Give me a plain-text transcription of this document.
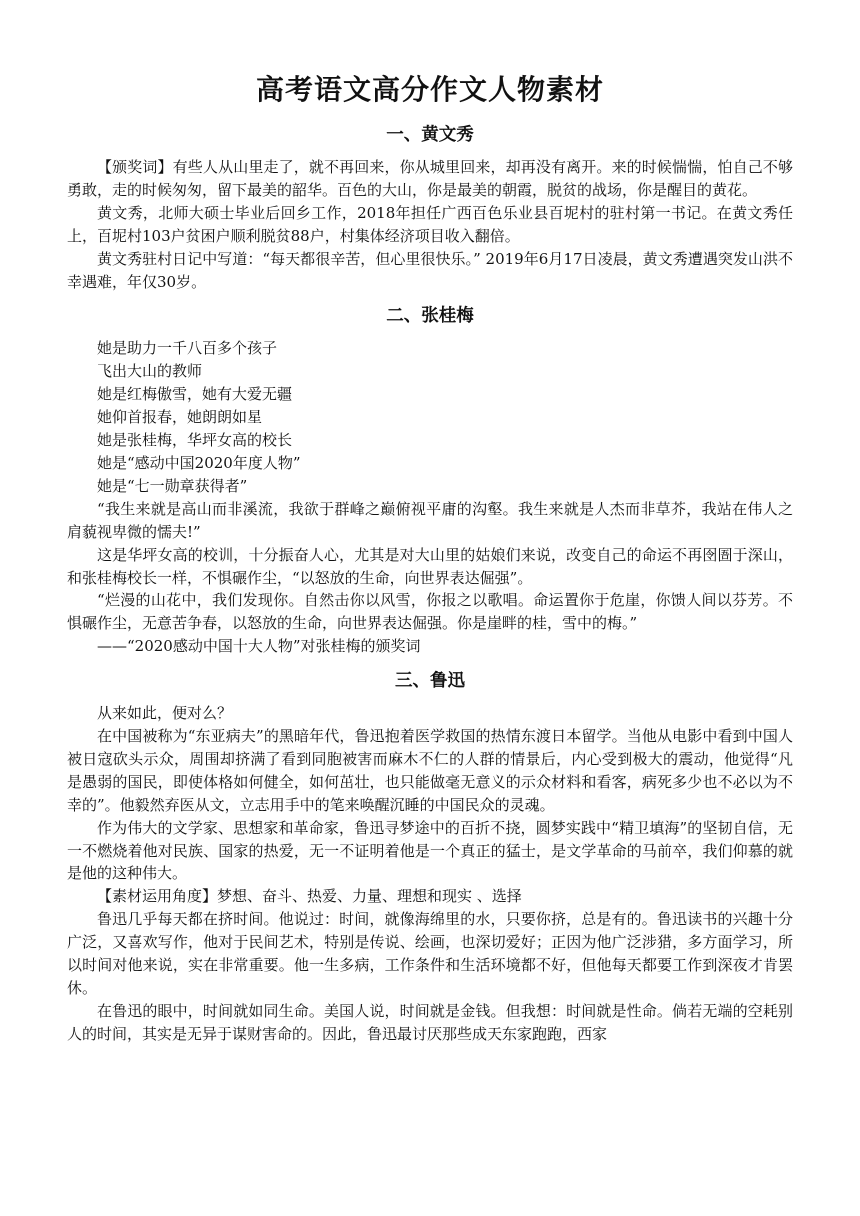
高考语文高分作文人物素材
一、黄文秀

【颁奖词】有些人从山里走了，就不再回来，你从城里回来，却再没有离开。来的时候惴惴，怕自己不够勇敢，走的时候匆匆，留下最美的韶华。百色的大山，你是最美的朝霞，脱贫的战场，你是醒目的黄花。

黄文秀，北师大硕士毕业后回乡工作，2018年担任广西百色乐业县百坭村的驻村第一书记。在黄文秀任上，百坭村103户贫困户顺利脱贫88户，村集体经济项目收入翻倍。

黄文秀驻村日记中写道：“每天都很辛苦，但心里很快乐。” 2019年6月17日凌晨，黄文秀遭遇突发山洪不幸遇难，年仅30岁。

二、张桂梅

她是助力一千八百多个孩子

飞出大山的教师

她是红梅傲雪，她有大爱无疆

她仰首报春，她朗朗如星

她是张桂梅，华坪女高的校长

她是“感动中国2020年度人物”

她是“七一勋章获得者”

“我生来就是高山而非溪流，我欲于群峰之巅俯视平庸的沟壑。我生来就是人杰而非草芥，我站在伟人之肩藐视卑微的懦夫!”

这是华坪女高的校训，十分振奋人心，尤其是对大山里的姑娘们来说，改变自己的命运不再囹圄于深山，和张桂梅校长一样，不惧碾作尘，“以怒放的生命，向世界表达倔强”。

“烂漫的山花中，我们发现你。自然击你以风雪，你报之以歌唱。命运置你于危崖，你馈人间以芬芳。不惧碾作尘，无意苦争春，以怒放的生命，向世界表达倔强。你是崖畔的桂，雪中的梅。”

——“2020感动中国十大人物”对张桂梅的颁奖词

三、鲁迅

从来如此，便对么？

在中国被称为“东亚病夫”的黑暗年代，鲁迅抱着医学救国的热情东渡日本留学。当他从电影中看到中国人被日寇砍头示众，周围却挤满了看到同胞被害而麻木不仁的人群的情景后，内心受到极大的震动，他觉得“凡是愚弱的国民，即使体格如何健全，如何茁壮，也只能做毫无意义的示众材料和看客，病死多少也不必以为不幸的”。他毅然弃医从文，立志用手中的笔来唤醒沉睡的中国民众的灵魂。

作为伟大的文学家、思想家和革命家，鲁迅寻梦途中的百折不挠，圆梦实践中“精卫填海”的坚韧自信，无一不燃烧着他对民族、国家的热爱，无一不证明着他是一个真正的猛士，是文学革命的马前卒，我们仰慕的就是他的这种伟大。

【素材运用角度】梦想、奋斗、热爱、力量、理想和现实 、选择

鲁迅几乎每天都在挤时间。他说过：时间，就像海绵里的水，只要你挤，总是有的。鲁迅读书的兴趣十分广泛，又喜欢写作，他对于民间艺术，特别是传说、绘画，也深切爱好；正因为他广泛涉猎，多方面学习，所以时间对他来说，实在非常重要。他一生多病，工作条件和生活环境都不好，但他每天都要工作到深夜才肯罢休。

在鲁迅的眼中，时间就如同生命。美国人说，时间就是金钱。但我想：时间就是性命。倘若无端的空耗别人的时间，其实是无异于谋财害命的。因此，鲁迅最讨厌那些成天东家跑跑，西家
